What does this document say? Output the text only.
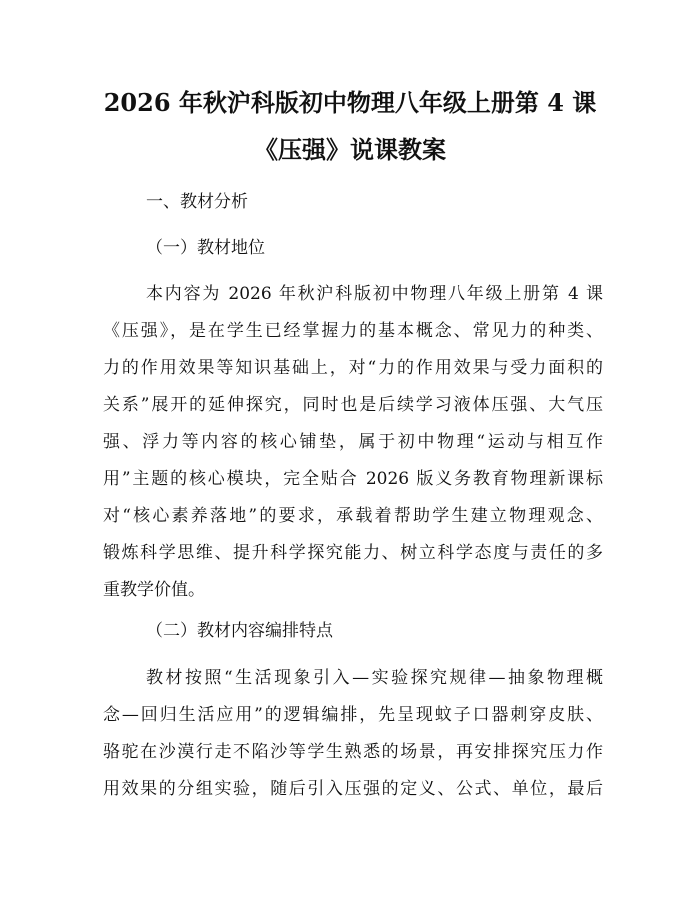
2026 年秋沪科版初中物理八年级上册第 4 课
《压强》说课教案
一、教材分析
（一）教材地位
本内容为 2026 年秋沪科版初中物理八年级上册第 4 课
《压强》，是在学生已经掌握力的基本概念、常见力的种类、
力的作用效果等知识基础上，对“力的作用效果与受力面积的
关系”展开的延伸探究，同时也是后续学习液体压强、大气压
强、浮力等内容的核心铺垫，属于初中物理“运动与相互作
用”主题的核心模块，完全贴合 2026 版义务教育物理新课标
对“核心素养落地”的要求，承载着帮助学生建立物理观念、
锻炼科学思维、提升科学探究能力、树立科学态度与责任的多
重教学价值。
（二）教材内容编排特点
教材按照“生活现象引入—实验探究规律—抽象物理概
念—回归生活应用”的逻辑编排，先呈现蚊子口器刺穿皮肤、
骆驼在沙漠行走不陷沙等学生熟悉的场景，再安排探究压力作
用效果的分组实验，随后引入压强的定义、公式、单位，最后
